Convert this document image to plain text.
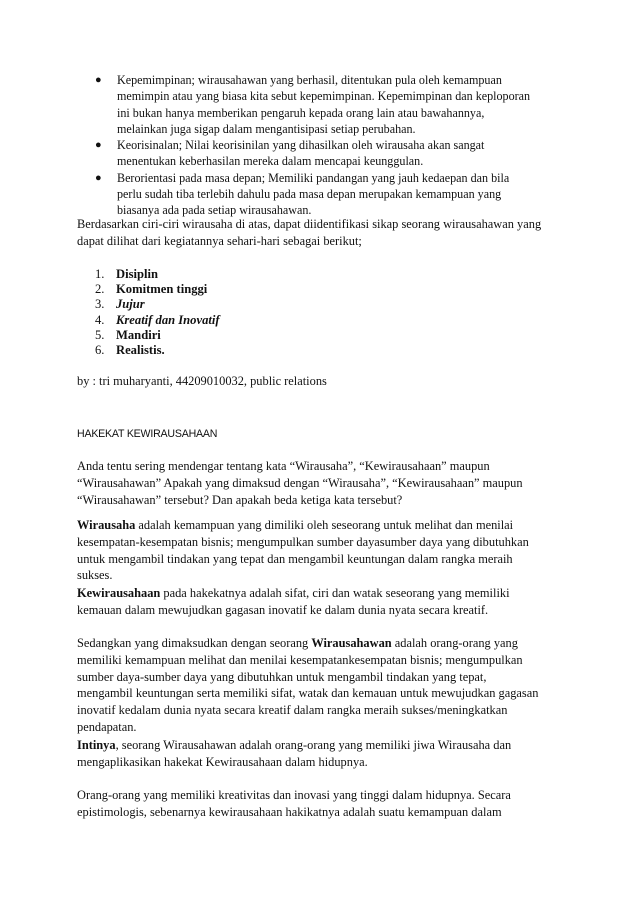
● Kepemimpinan; wirausahawan yang berhasil, ditentukan pula oleh kemampuan
memimpin atau yang biasa kita sebut kepemimpinan. Kepemimpinan dan keploporan
ini bukan hanya memberikan pengaruh kepada orang lain atau bawahannya,
melainkan juga sigap dalam mengantisipasi setiap perubahan.
● Keorisinalan; Nilai keorisinilan yang dihasilkan oleh wirausaha akan sangat
menentukan keberhasilan mereka dalam mencapai keunggulan.
● Berorientasi pada masa depan; Memiliki pandangan yang jauh kedaepan dan bila
perlu sudah tiba terlebih dahulu pada masa depan merupakan kemampuan yang
biasanya ada pada setiap wirausahawan.

Berdasarkan ciri-ciri wirausaha di atas, dapat diidentifikasi sikap seorang wirausahawan yang
dapat dilihat dari kegiatannya sehari-hari sebagai berikut;

1. Disiplin
2. Komitmen tinggi
3. Jujur
4. Kreatif dan Inovatif
5. Mandiri
6. Realistis.

by : tri muharyanti, 44209010032, public relations

HAKEKAT KEWIRAUSAHAAN

Anda tentu sering mendengar tentang kata “Wirausaha”, “Kewirausahaan” maupun
“Wirausahawan” Apakah yang dimaksud dengan “Wirausaha”, “Kewirausahaan” maupun
“Wirausahawan” tersebut? Dan apakah beda ketiga kata tersebut?

Wirausaha adalah kemampuan yang dimiliki oleh seseorang untuk melihat dan menilai
kesempatan-kesempatan bisnis; mengumpulkan sumber dayasumber daya yang dibutuhkan
untuk mengambil tindakan yang tepat dan mengambil keuntungan dalam rangka meraih
sukses.

Kewirausahaan pada hakekatnya adalah sifat, ciri dan watak seseorang yang memiliki
kemauan dalam mewujudkan gagasan inovatif ke dalam dunia nyata secara kreatif.

Sedangkan yang dimaksudkan dengan seorang Wirausahawan adalah orang-orang yang
memiliki kemampuan melihat dan menilai kesempatankesempatan bisnis; mengumpulkan
sumber daya-sumber daya yang dibutuhkan untuk mengambil tindakan yang tepat,
mengambil keuntungan serta memiliki sifat, watak dan kemauan untuk mewujudkan gagasan
inovatif kedalam dunia nyata secara kreatif dalam rangka meraih sukses/meningkatkan
pendapatan.

Intinya, seorang Wirausahawan adalah orang-orang yang memiliki jiwa Wirausaha dan
mengaplikasikan hakekat Kewirausahaan dalam hidupnya.

Orang-orang yang memiliki kreativitas dan inovasi yang tinggi dalam hidupnya. Secara
epistimologis, sebenarnya kewirausahaan hakikatnya adalah suatu kemampuan dalam
